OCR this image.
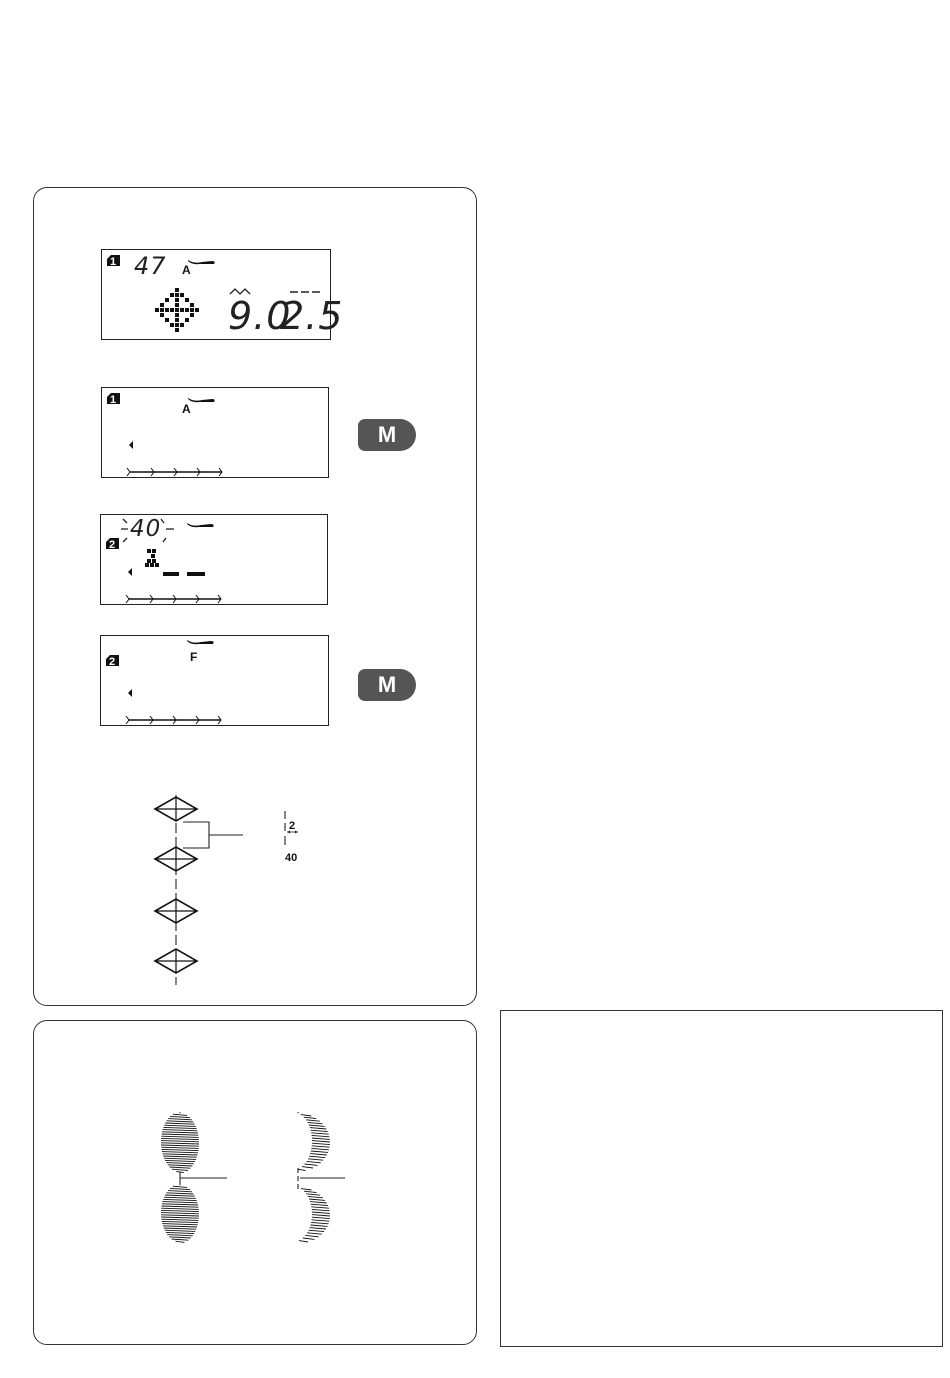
1 47 A
9.0
2.5
1
A
M
2
40
2	F
M
2
40
